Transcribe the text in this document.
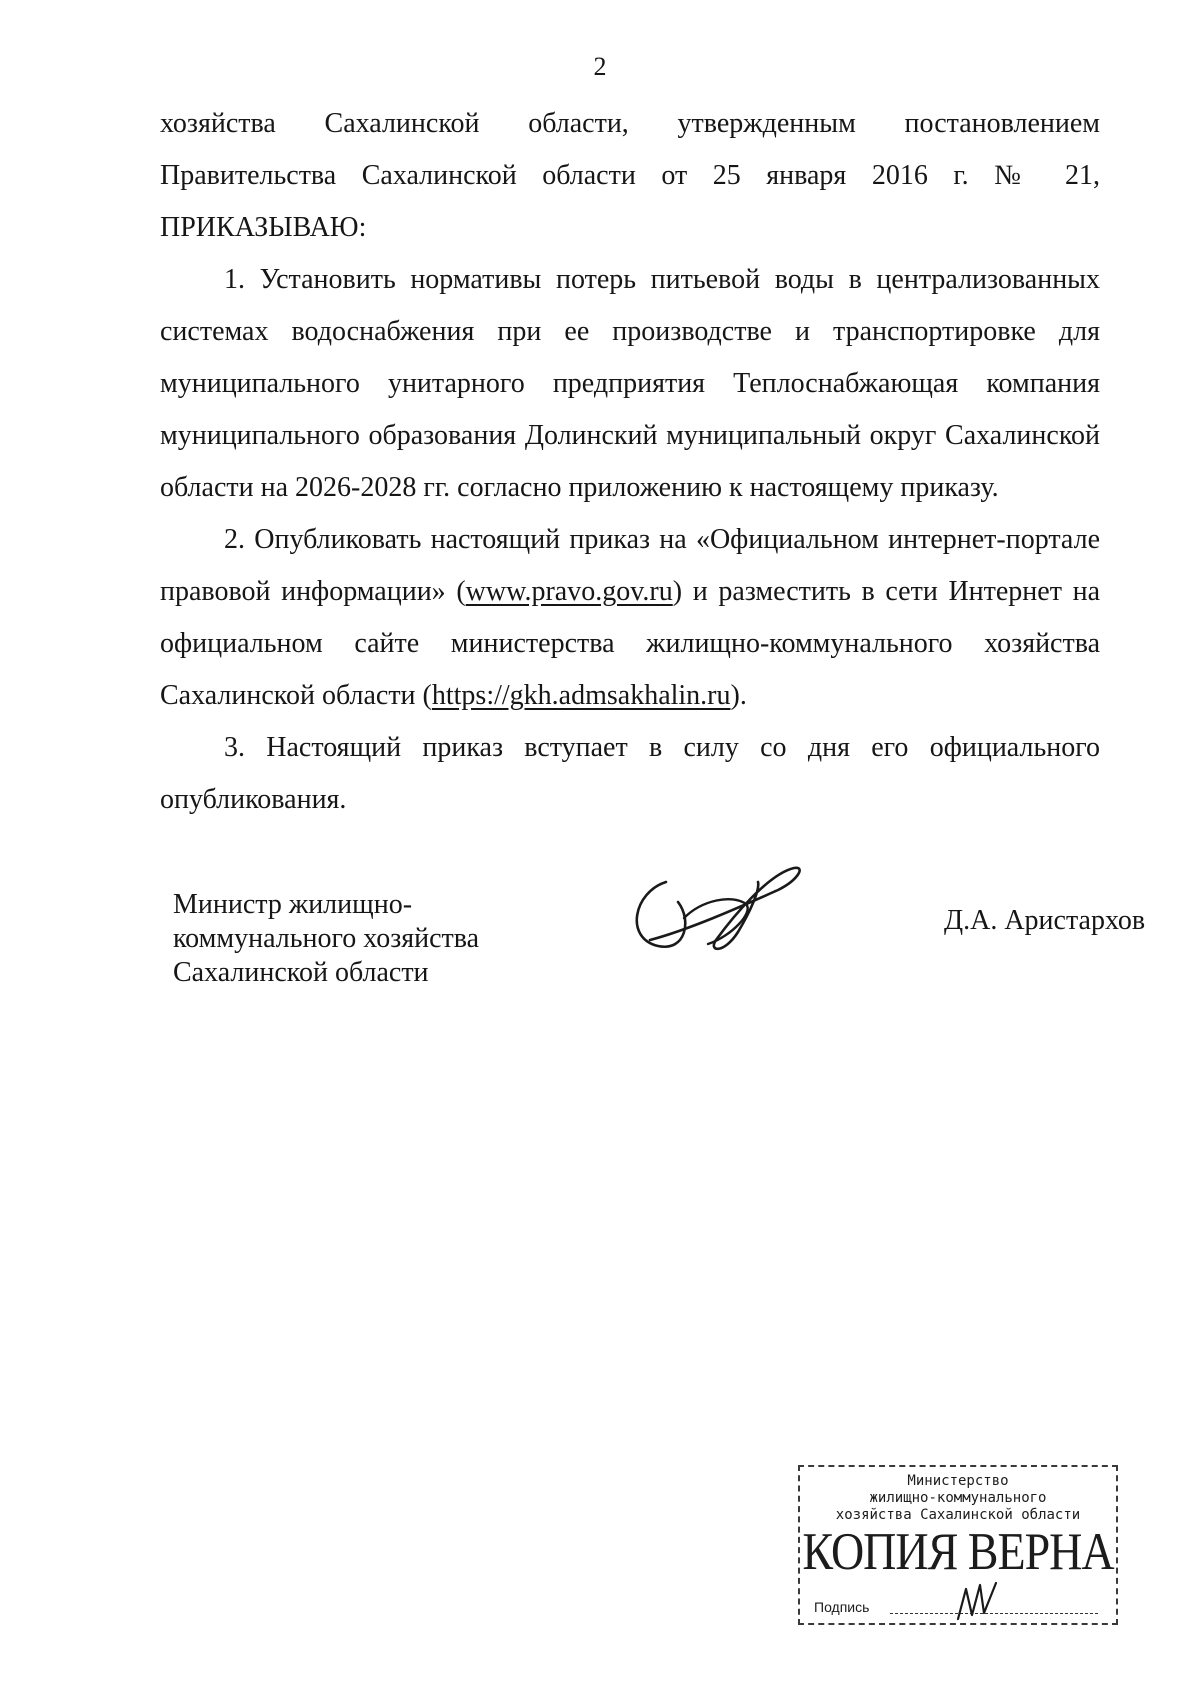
2

хозяйства Сахалинской области, утвержденным постановлением

Правительства Сахалинской области от 25 января 2016 г. № 21,

ПРИКАЗЫВАЮ:

1. Установить нормативы потерь питьевой воды в централизованных

системах водоснабжения при ее производстве и транспортировке для

муниципального унитарного предприятия Теплоснабжающая компания

муниципального образования Долинский муниципальный округ Сахалинской

области на 2026-2028 гг. согласно приложению к настоящему приказу.

2. Опубликовать настоящий приказ на «Официальном интернет-портале

правовой информации» (www.pravo.gov.ru) и разместить в сети Интернет на

официальном сайте министерства жилищно-коммунального хозяйства

Сахалинской области (https://gkh.admsakhalin.ru).

3. Настоящий приказ вступает в силу со дня его официального

опубликования.

Министр жилищно-
коммунального хозяйства
Сахалинской области
Д.А. Аристархов
Министерство
жилищно-коммунального
хозяйства Сахалинской области
КОПИЯ ВЕРНА
Подпись
